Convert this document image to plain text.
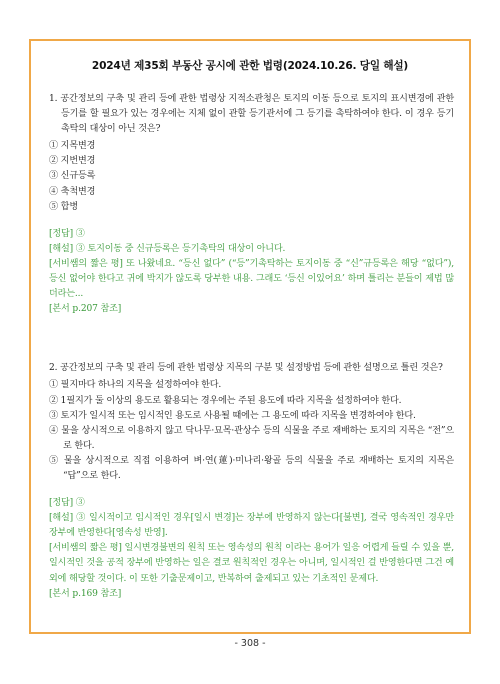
2024년 제35회 부동산 공시에 관한 법령(2024.10.26. 당일 해설)
1. 공간정보의 구축 및 관리 등에 관한 법령상 지적소관청은 토지의 이동 등으로 토지의 표시변경에 관한 등기를 할 필요가 있는 경우에는 지체 없이 관할 등기관서에 그 등기를 촉탁하여야 한다. 이 경우 등기촉탁의 대상이 아닌 것은?
① 지목변경
② 지번변경
③ 신규등록
④ 축척변경
⑤ 합병
[정답] ③
[해설] ③ 토지이동 중 신규등록은 등기촉탁의 대상이 아니다.
[서비쌤의 짧은 평] 또 나왔네요. “등신 없다” (“등”기촉탁하는 토지이동 중 “신”규등록은 해당 “없다”), 등신 없어야 한다고 귀에 박지가 않도록 당부한 내용. 그래도 ‘등신 이있어요’ 하며 틀리는 분들이 제법 많더라는...
[본서 p.207 참조]
2. 공간정보의 구축 및 관리 등에 관한 법령상 지목의 구분 및 설정방법 등에 관한 설명으로 틀린 것은?
① 필지마다 하나의 지목을 설정하여야 한다.
② 1필지가 둘 이상의 용도로 활용되는 경우에는 주된 용도에 따라 지목을 설정하여야 한다.
③ 토지가 일시적 또는 임시적인 용도로 사용될 때에는 그 용도에 따라 지목을 변경하여야 한다.
④ 물을 상시적으로 이용하지 않고 닥나무·묘목·관상수 등의 식물을 주로 재배하는 토지의 지목은 “전”으로 한다.
⑤ 물을 상시적으로 직접 이용하여 벼·연(蓮)·미나리·왕골 등의 식물을 주로 재배하는 토지의 지목은 “답”으로 한다.
[정답] ③
[해설] ③ 일시적이고 임시적인 경우[일시 변경]는 장부에 반영하지 않는다[불변], 결국 영속적인 경우만 장부에 반영한다[영속성 반영].
[서비쌤의 짧은 평] 일시변경불변의 원칙 또는 영속성의 원칙 이라는 용어가 일응 어렵게 들릴 수 있을 뿐, 일시적인 것을 공적 장부에 반영하는 일은 결코 원칙적인 경우는 아니며, 일시적인 걸 반영한다면 그건 예외에 해당할 것이다. 이 또한 기출문제이고, 반복하여 출제되고 있는 기초적인 문제다.
[본서 p.169 참조]
- 308 -
